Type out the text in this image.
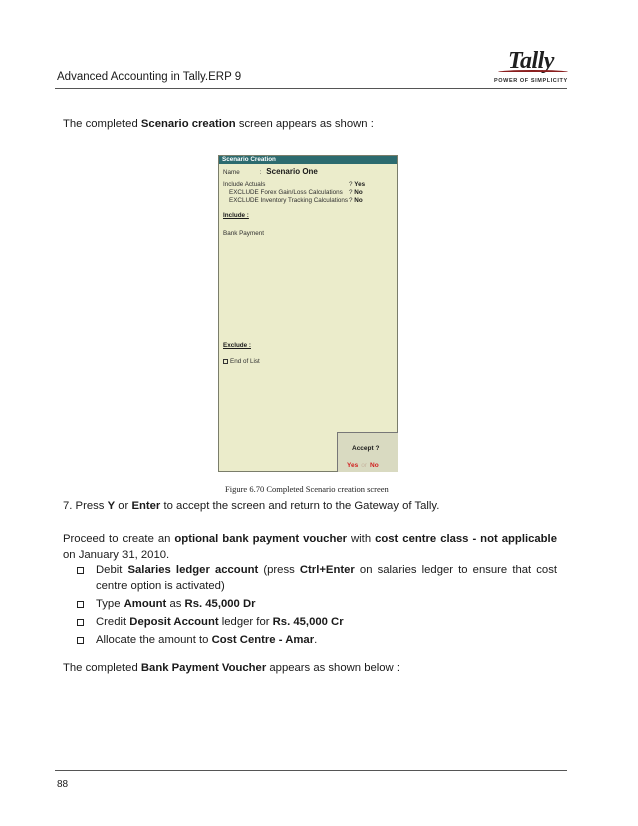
Advanced Accounting in Tally.ERP 9
Tally
POWER OF SIMPLICITY

The completed Scenario creation screen appears as shown :

Scenario Creation
Name	: Scenario One
Include Actuals	? Yes
EXCLUDE Forex Gain/Loss Calculations ? No
EXCLUDE Inventory Tracking Calculations ? No
Include :
Bank Payment
Exclude :
End of List
Accept ?
Yes or No
Figure 6.70 Completed Scenario creation screen

7. Press Y or Enter to accept the screen and return to the Gateway of Tally.

Proceed to create an optional bank payment voucher with cost centre class - not applicable on January 31, 2010.

Debit Salaries ledger account (press Ctrl+Enter on salaries ledger to ensure that cost centre option is activated)
Type Amount as Rs. 45,000 Dr
Credit Deposit Account ledger for Rs. 45,000 Cr
Allocate the amount to Cost Centre - Amar.

The completed Bank Payment Voucher appears as shown below :

88
